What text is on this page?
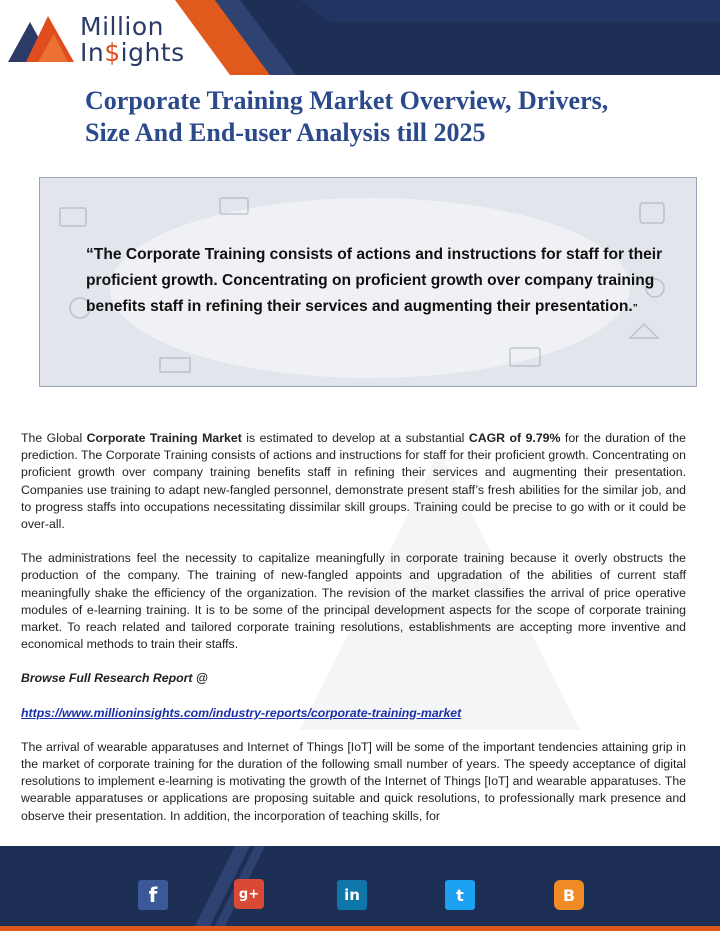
Million
In$ights
Corporate Training Market Overview, Drivers,
Size And End-user Analysis till 2025

“The Corporate Training consists of actions and instructions for staff for their proficient growth. Concentrating on proficient growth over company training benefits staff in refining their services and augmenting their presentation.”

The Global Corporate Training Market is estimated to develop at a substantial CAGR of 9.79% for the duration of the prediction. The Corporate Training consists of actions and instructions for staff for their proficient growth. Concentrating on proficient growth over company training benefits staff in refining their services and augmenting their presentation. Companies use training to adapt new-fangled personnel, demonstrate present staff’s fresh abilities for the similar job, and to progress staffs into occupations necessitating dissimilar skill groups. Training could be precise to go with or it could be over-all.

The administrations feel the necessity to capitalize meaningfully in corporate training because it overly obstructs the production of the company. The training of new-fangled appoints and upgradation of the abilities of current staff meaningfully shake the efficiency of the organization. The revision of the market classifies the arrival of price operative modules of e-learning training. It is to be some of the principal development aspects for the scope of corporate training market. To reach related and tailored corporate training resolutions, establishments are accepting more inventive and economical methods to train their staffs.

Browse Full Research Report @

https://www.millioninsights.com/industry-reports/corporate-training-market

The arrival of wearable apparatuses and Internet of Things [IoT] will be some of the important tendencies attaining grip in the market of corporate training for the duration of the following small number of years. The speedy acceptance of digital resolutions to implement e-learning is motivating the growth of the Internet of Things [IoT] and wearable apparatuses. The wearable apparatuses or applications are proposing suitable and quick resolutions, to professionally mark presence and observe their presentation. In addition, the incorporation of teaching skills, for

f	g+	in	t	B
